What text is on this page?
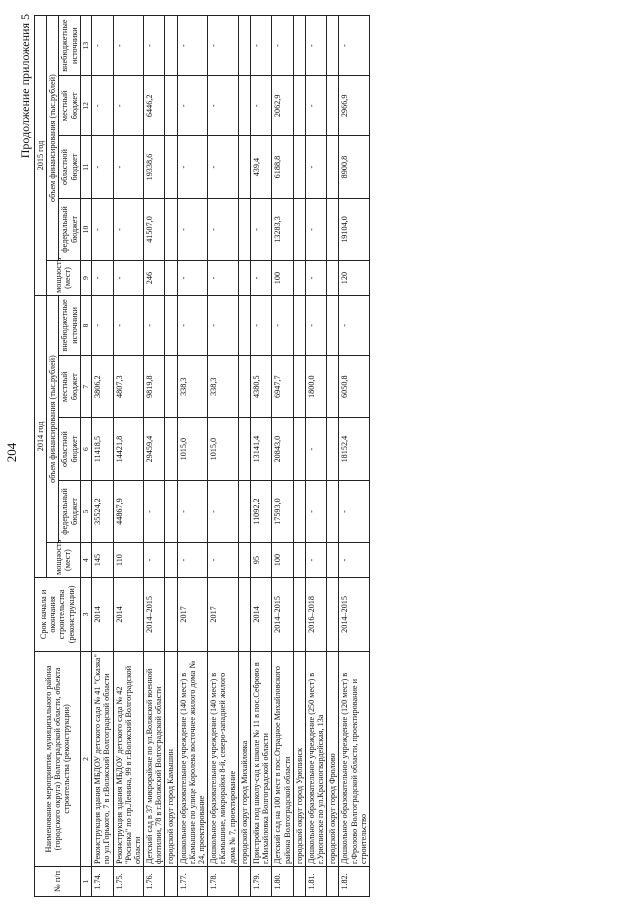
204
Продолжение приложения 5
№ п/п	Наименование мероприятия, муниципального района (городского округа) Волгоградской области, объекта строительства (реконструкции)	Срок начала и окончания строительства (реконструкции)	2014 год					2015 год				
			мощность (мест)	объем финансирования (тыс.рублей)				мощность (мест)	объем финансирования (тыс.рублей)			
				федеральный бюджет	областной бюджет	местный бюджет	внебюджетные источники		федеральный бюджет	областной бюджет	местный бюджет	внебюджетные источники
1	2	3	4	5	6	7	8	9	10	11	12	13
1.74.	Реконструкция здания МБДОУ детского сада № 41 "Сказка" по ул.Горького, 7 в г.Волжский Волгоградской области	2014	145	35524,2	11418,5	3806,2	-	-	-	-	-	-
1.75.	Реконструкция здания МБДОУ детского сада № 42 "Росинка" по пр.Ленина, 99 в г.Волжский Волгоградской области	2014	110	44867,9	14421,8	4807,3	-	-	-	-	-	-
1.76.	Детский сад в 37 микрорайоне по ул.Волжской военной флотилии, 78 в г.Волжский Волгоградской области	2014–2015	-	-	29459,4	9819,8	-	246	41507,0	19338,6	6446,2	-
	городской округ город Камышин											
1.77.	Дошкольное образовательное учреждение (140 мест) в г.Камышине по улице Королева восточнее жилого дома № 24, проектирование	2017	-	-	1015,0	338,3	-	-	-	-	-	-
1.78.	Дошкольное образовательное учреждение (140 мест) в г.Камышине, микрорайон 8-й, северо-западней жилого дома № 7, проектирование	2017	-	-	1015,0	338,3	-	-	-	-	-	-
	городской округ город Михайловка											
1.79.	Пристройка под школу-сад к школе № 11 в пос.Себрово в г.Михайловка Волгоградской области	2014	95	11092,2	13141,4	4380,5	-	-	-	439,4	-	-
1.80.	Детский сад на 100 мест в пос.Отрадное Михайловского района Волгоградской области	2014–2015	100	17593,0	20843,0	6947,7	-	100	13283,3	6188,8	2062,9	-
	городской округ город Урюпинск											
1.81.	Дошкольное образовательное учреждение (250 мест) в г.Урюпинске по ул.Красногвардейская, 13а	2016–2018	-	-	-	1800,0	-	-	-	-	-	-
	городской округ город Фролово											
1.82.	Дошкольное образовательное учреждение (120 мест) в г.Фролово Волгоградской области, проектирование и строительство	2014–2015	-	-	18152,4	6050,8	-	120	19104,0	8900,8	2966,9	-
